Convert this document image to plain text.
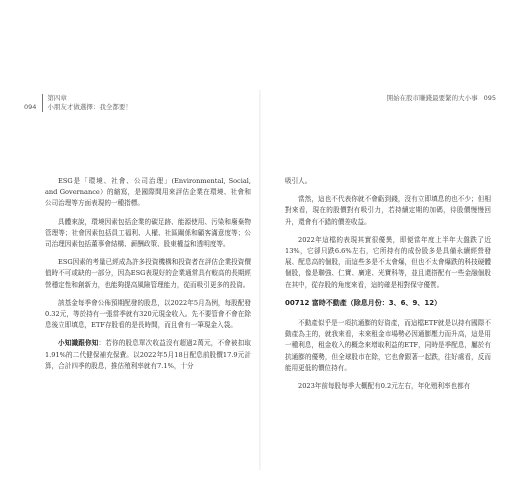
094
第四章
小朋友才做選擇：我全都要！
開始在股市賺錢最要緊的大小事 095

ESG是「環境、社會、公司治理」(Environmental, Social, and Governance）的縮寫，是國際間用來評估企業在環境、社會和公司治理等方面表現的一種指標。

具體來說，環境因素包括企業的碳足跡、能源使用、污染和廢棄物管理等；社會因素包括員工福利、人權、社區關係和顧客滿意度等；公司治理因素包括董事會結構、薪酬政策、股東權益和透明度等。

ESG因素的考量已經成為許多投資機構和投資者在評估企業投資價值時不可或缺的一部分，因為ESG表現好的企業通常具有較高的長期經營穩定性和創新力，也能夠提高風險管理能力，從而吸引更多的投資。

該基金每季會公佈預期配發的股息，以2022年5月為例，每股配發0.32元，等於持有一張當季就有320元現金收入。先不要管會不會在除息後立即填息，ETF存股看的是長時間，而且會有一筆現金入袋。

小知識跟你知：若你的股息單次收益沒有超過2萬元，不會被扣取1.91%的二代健保補充保費。以2022年5月18日配息前股價17.9元計算，合計四季的股息，推估殖利率就有7.1%，十分

吸引人。

當然，這也不代表你就不會虧到錢，沒有立即填息的也不少；但相對來看，現在的股價對有吸引力，若持續定期的加碼，待股價慢慢回升，還會有不錯的價差收益。

2022年這檔的表現其實很優異，即便當年度上半年大盤跌了近13%，它卻只跌6.6%左右，它所持有的成份股多是具備永續經營發展、配息高的個股，而這些多是不太會爆，但也不太會爆跌的科技硬體個股，像是聯強、仁寶、廣達、光寶科等，並且還搭配有一些金融個股在其中，從存股的角度來看，這的確是相對保守優質。

00712 富時不動產（除息月份：3、6、9、12）

不動產似乎是一項抗通膨的好資產，而這檔ETF就是以持有國際不動產為主的，就我來看，未來租金市場勢必因通膨壓力而升高，這是用一種利息，租金收入的概念來增取利益的ETF，同時是季配息，屬於有抗通膨的優勢，但全球股市在除，它也會跟著一起跌，往好處看，反而能用更低的價位持有。

2023年前每股每季大概配有0.2元左右，年化殖利率也都有
